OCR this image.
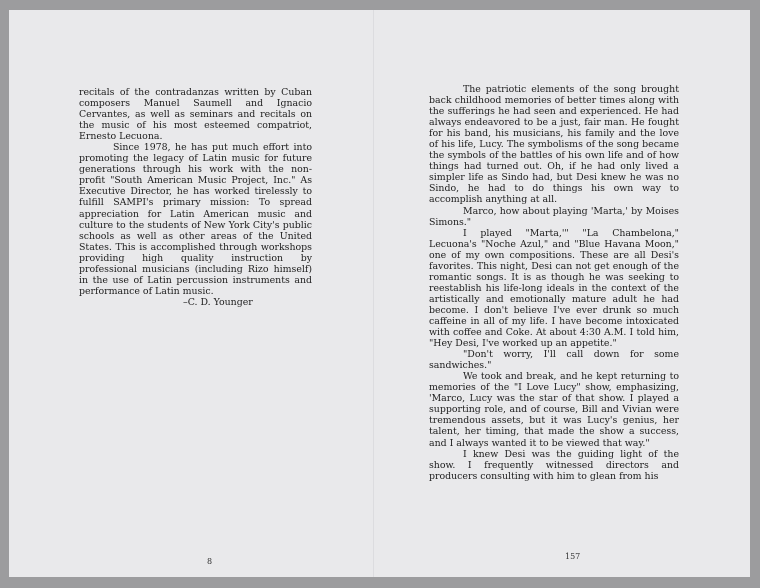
recitals of the contradanzas written by Cuban composers Manuel Saumell and Ignacio Cervantes, as well as seminars and recitals on the music of his most esteemed compatriot, Ernesto Lecuona.

Since 1978, he has put much effort into promoting the legacy of Latin music for future generations through his work with the non-profit "South American Music Project, Inc." As Executive Director, he has worked tirelessly to fulfill SAMPI's primary mission: To spread appreciation for Latin American music and culture to the students of New York City's public schools as well as other areas of the United States. This is accomplished through workshops providing high quality instruction by professional musicians (including Rizo himself) in the use of Latin percussion instruments and performance of Latin music.

–C. D. Younger

8

The patriotic elements of the song brought back childhood memories of better times along with the sufferings he had seen and experienced. He had always endeavored to be a just, fair man. He fought for his band, his musicians, his family and the love of his life, Lucy. The symbolisms of the song became the symbols of the battles of his own life and of how things had turned out. Oh, if he had only lived a simpler life as Sindo had, but Desi knew he was no Sindo, he had to do things his own way to accomplish anything at all.

Marco, how about playing 'Marta,' by Moises Simons."

I played "Marta,'" "La Chambelona," Lecuona's "Noche Azul," and "Blue Havana Moon," one of my own compositions. These are all Desi's favorites. This night, Desi can not get enough of the romantic songs. It is as though he was seeking to reestablish his life-long ideals in the context of the artistically and emotionally mature adult he had become. I don't believe I've ever drunk so much caffeine in all of my life. I have become intoxicated with coffee and Coke. At about 4:30 A.M. I told him, "Hey Desi, I've worked up an appetite."

"Don't worry, I'll call down for some sandwiches."

We took and break, and he kept returning to memories of the "I Love Lucy" show, emphasizing, 'Marco, Lucy was the star of that show. I played a supporting role, and of course, Bill and Vivian were tremendous assets, but it was Lucy's genius, her talent, her timing, that made the show a success, and I always wanted it to be viewed that way."

I knew Desi was the guiding light of the show. I frequently witnessed directors and producers consulting with him to glean from his

157
